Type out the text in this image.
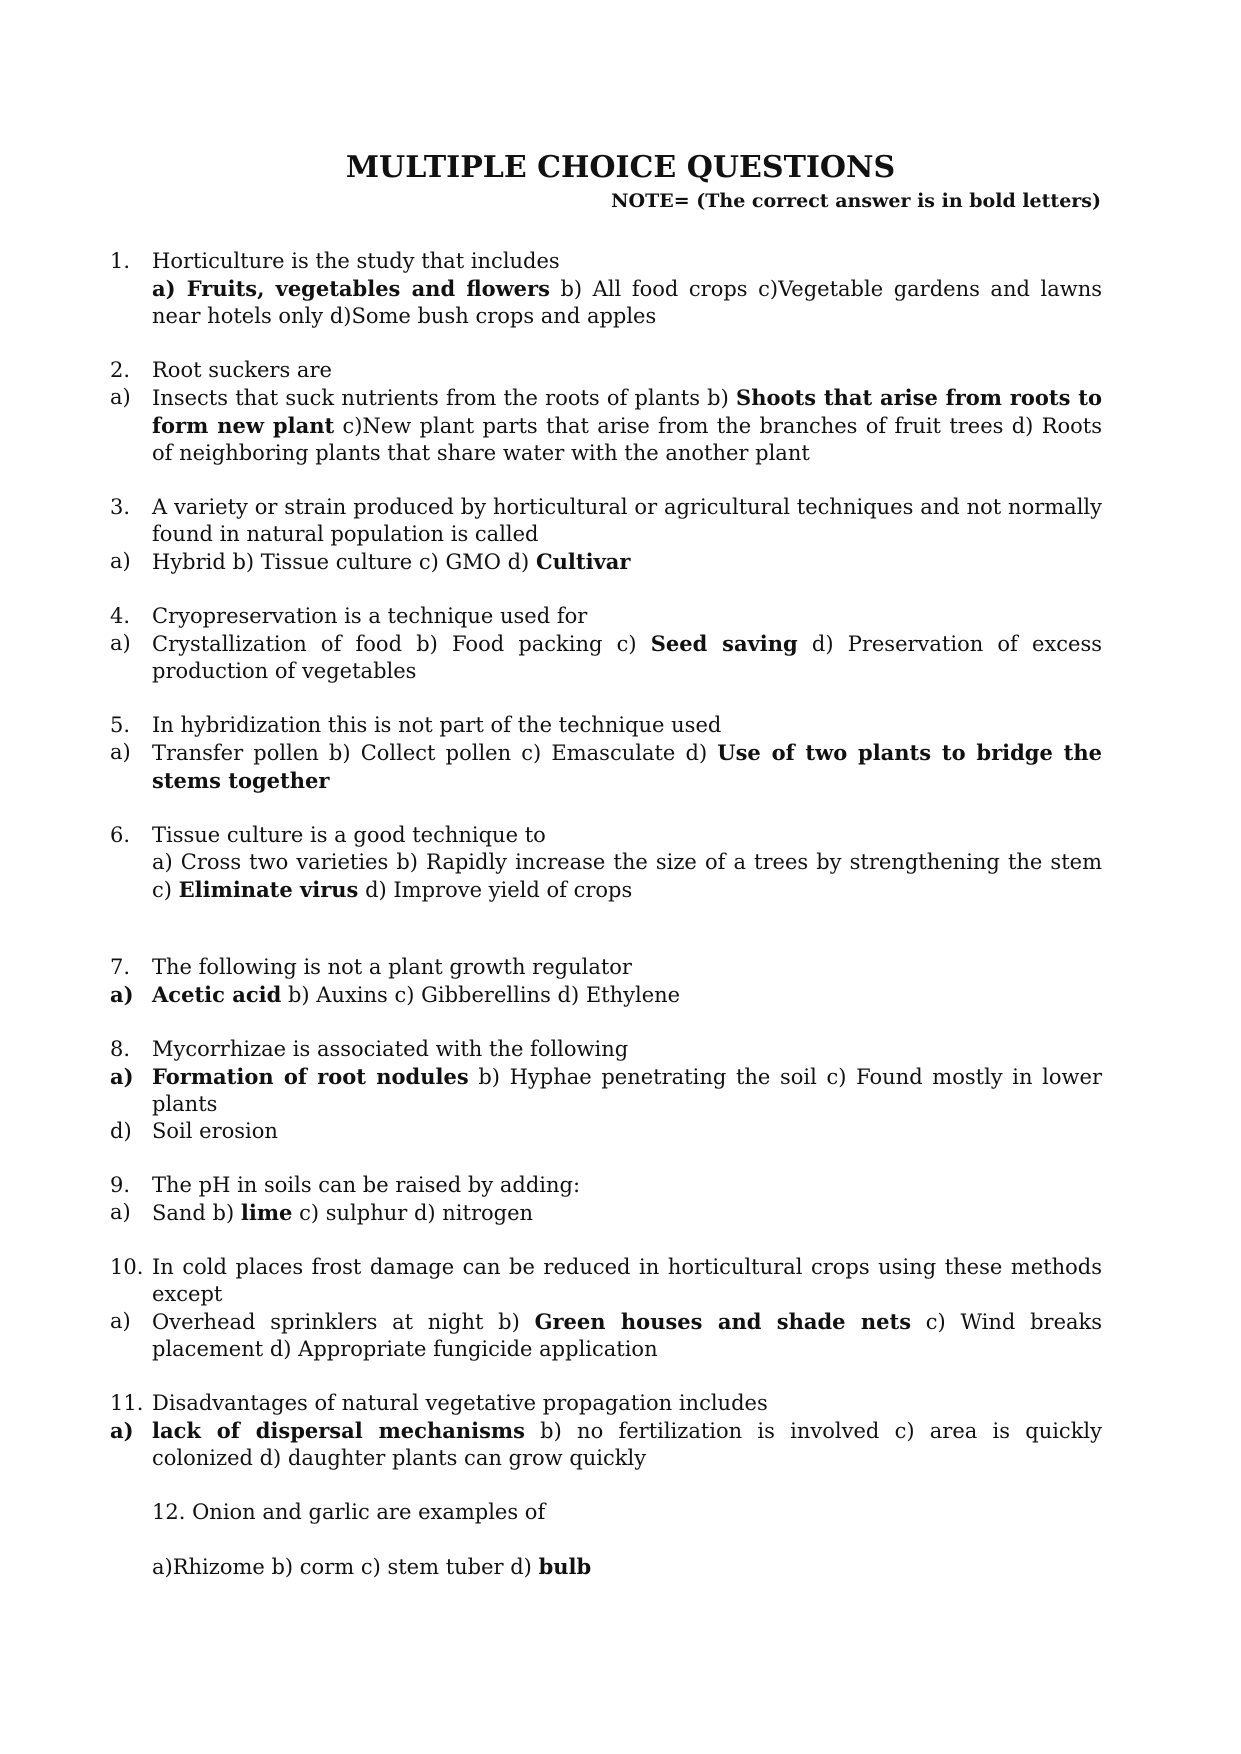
MULTIPLE CHOICE QUESTIONS
NOTE= (The correct answer is in bold letters)
1. Horticulture is the study that includes
a) Fruits, vegetables and flowers b) All food crops c)Vegetable gardens and lawns near hotels only d)Some bush crops and apples
2. Root suckers are
a) Insects that suck nutrients from the roots of plants b) Shoots that arise from roots to form new plant c)New plant parts that arise from the branches of fruit trees d) Roots of neighboring plants that share water with the another plant
3. A variety or strain produced by horticultural or agricultural techniques and not normally found in natural population is called
a) Hybrid b) Tissue culture c) GMO d) Cultivar
4. Cryopreservation is a technique used for
a) Crystallization of food b) Food packing c) Seed saving d) Preservation of excess production of vegetables
5. In hybridization this is not part of the technique used
a) Transfer pollen b) Collect pollen c) Emasculate d) Use of two plants to bridge the stems together
6. Tissue culture is a good technique to
a) Cross two varieties b) Rapidly increase the size of a trees by strengthening the stem c) Eliminate virus d) Improve yield of crops
7. The following is not a plant growth regulator
a) Acetic acid b) Auxins c) Gibberellins d) Ethylene
8. Mycorrhizae is associated with the following
a) Formation of root nodules b) Hyphae penetrating the soil c) Found mostly in lower plants
d) Soil erosion
9. The pH in soils can be raised by adding:
a) Sand b) lime c) sulphur d) nitrogen
10. In cold places frost damage can be reduced in horticultural crops using these methods except
a) Overhead sprinklers at night b) Green houses and shade nets c) Wind breaks placement d) Appropriate fungicide application
11. Disadvantages of natural vegetative propagation includes
a) lack of dispersal mechanisms b) no fertilization is involved c) area is quickly colonized d) daughter plants can grow quickly
12. Onion and garlic are examples of
a)Rhizome b) corm c) stem tuber d) bulb
